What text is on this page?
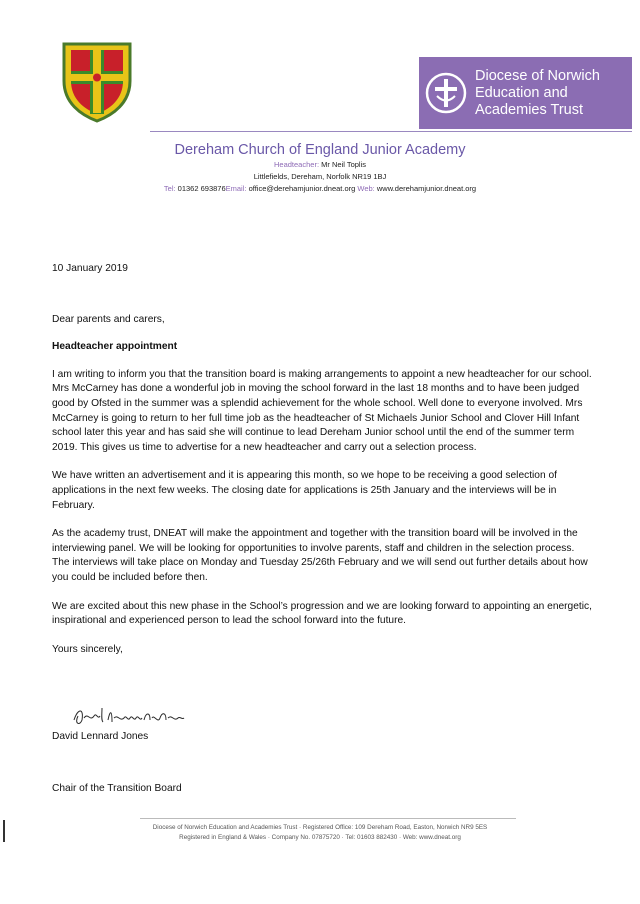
Diocese of Norwich
Education and
Academies Trust
Dereham Church of England Junior Academy
Headteacher: Mr Neil Toplis
Littlefields, Dereham, Norfolk NR19 1BJ
Tel: 01362 693876Email: office@derehamjunior.dneat.org Web: www.derehamjunior.dneat.org

10 January 2019

Dear parents and carers,

Headteacher appointment

I am writing to inform you that the transition board is making arrangements to appoint a new headteacher for our school. Mrs McCarney has done a wonderful job in moving the school forward in the last 18 months and to have been judged good by Ofsted in the summer was a splendid achievement for the whole school. Well done to everyone involved. Mrs McCarney is going to return to her full time job as the headteacher of St Michaels Junior School and Clover Hill Infant school later this year and has said she will continue to lead Dereham Junior school until the end of the summer term 2019. This gives us time to advertise for a new headteacher and carry out a selection process.

We have written an advertisement and it is appearing this month, so we hope to be receiving a good selection of applications in the next few weeks. The closing date for applications is 25th January and the interviews will be in February.

As the academy trust, DNEAT will make the appointment and together with the transition board will be involved in the interviewing panel. We will be looking for opportunities to involve parents, staff and children in the selection process. The interviews will take place on Monday and Tuesday 25/26th February and we will send out further details about how you could be included before then.

We are excited about this new phase in the School’s progression and we are looking forward to appointing an energetic, inspirational and experienced person to lead the school forward into the future.

Yours sincerely,

David Lennard Jones
Chair of the Transition Board
Diocese of Norwich Education and Academies Trust · Registered Office: 109 Dereham Road, Easton, Norwich NR9 5ES
Registered in England & Wales · Company No. 07875720 · Tel: 01603 882430 · Web: www.dneat.org
